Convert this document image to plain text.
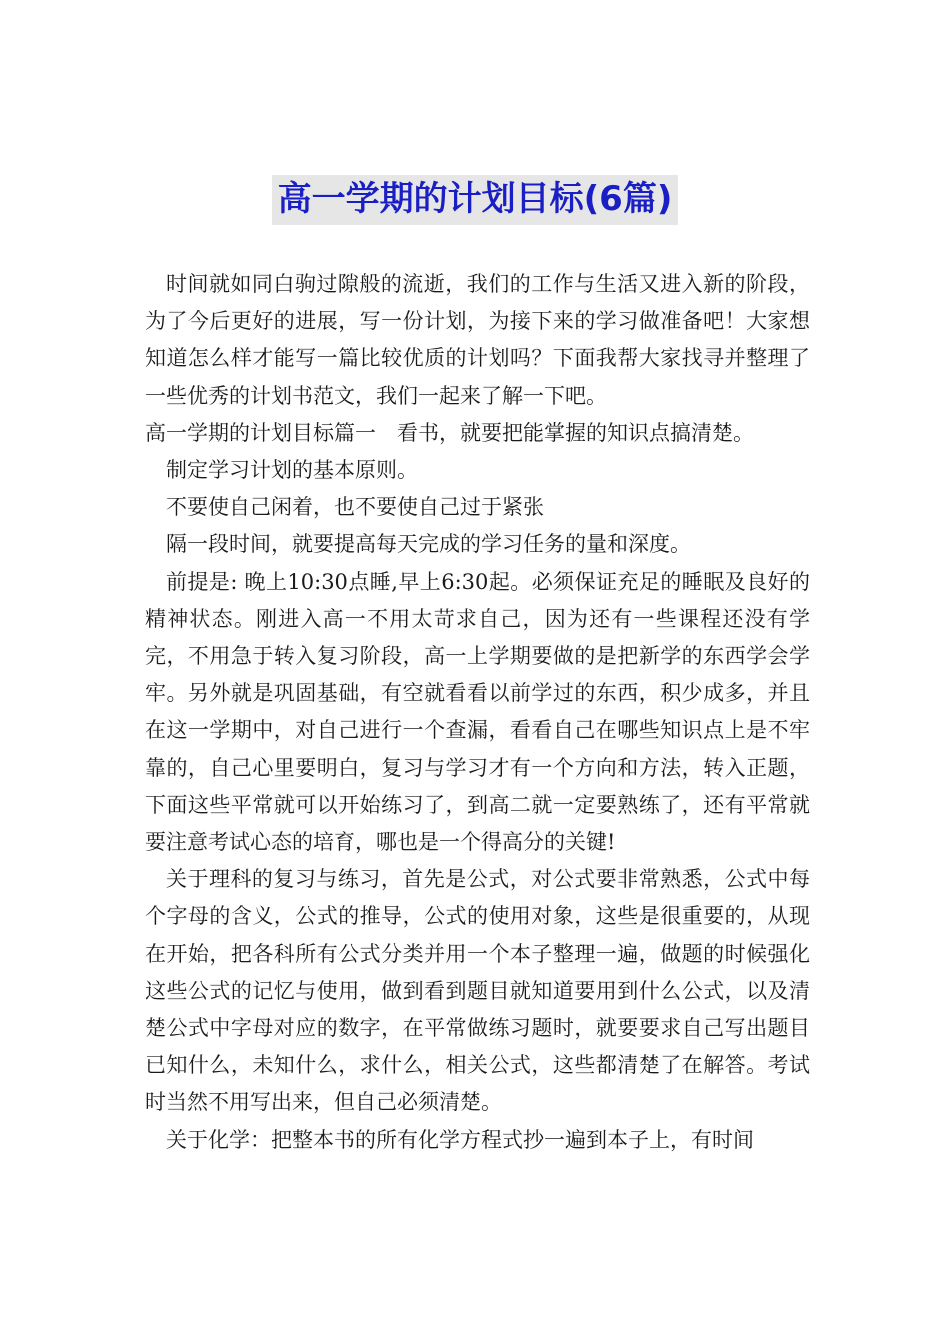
高一学期的计划目标(6篇)

时间就如同白驹过隙般的流逝，我们的工作与生活又进入新的阶段，为了今后更好的进展，写一份计划，为接下来的学习做准备吧！大家想知道怎么样才能写一篇比较优质的计划吗？下面我帮大家找寻并整理了一些优秀的计划书范文，我们一起来了解一下吧。

高一学期的计划目标篇一　看书，就要把能掌握的知识点搞清楚。

制定学习计划的基本原则。

不要使自己闲着，也不要使自己过于紧张

隔一段时间，就要提高每天完成的学习任务的量和深度。

前提是: 晚上10:30点睡,早上6:30起。必须保证充足的睡眠及良好的精神状态。刚进入高一不用太苛求自己，因为还有一些课程还没有学完，不用急于转入复习阶段，高一上学期要做的是把新学的东西学会学牢。另外就是巩固基础，有空就看看以前学过的东西，积少成多，并且在这一学期中，对自己进行一个查漏，看看自己在哪些知识点上是不牢靠的，自己心里要明白，复习与学习才有一个方向和方法，转入正题，下面这些平常就可以开始练习了，到高二就一定要熟练了，还有平常就要注意考试心态的培育，哪也是一个得高分的关键!

关于理科的复习与练习，首先是公式，对公式要非常熟悉，公式中每个字母的含义，公式的推导，公式的使用对象，这些是很重要的，从现在开始，把各科所有公式分类并用一个本子整理一遍，做题的时候强化这些公式的记忆与使用，做到看到题目就知道要用到什么公式，以及清楚公式中字母对应的数字，在平常做练习题时，就要要求自己写出题目已知什么，未知什么，求什么，相关公式，这些都清楚了在解答。考试时当然不用写出来，但自己必须清楚。

关于化学：把整本书的所有化学方程式抄一遍到本子上，有时间
